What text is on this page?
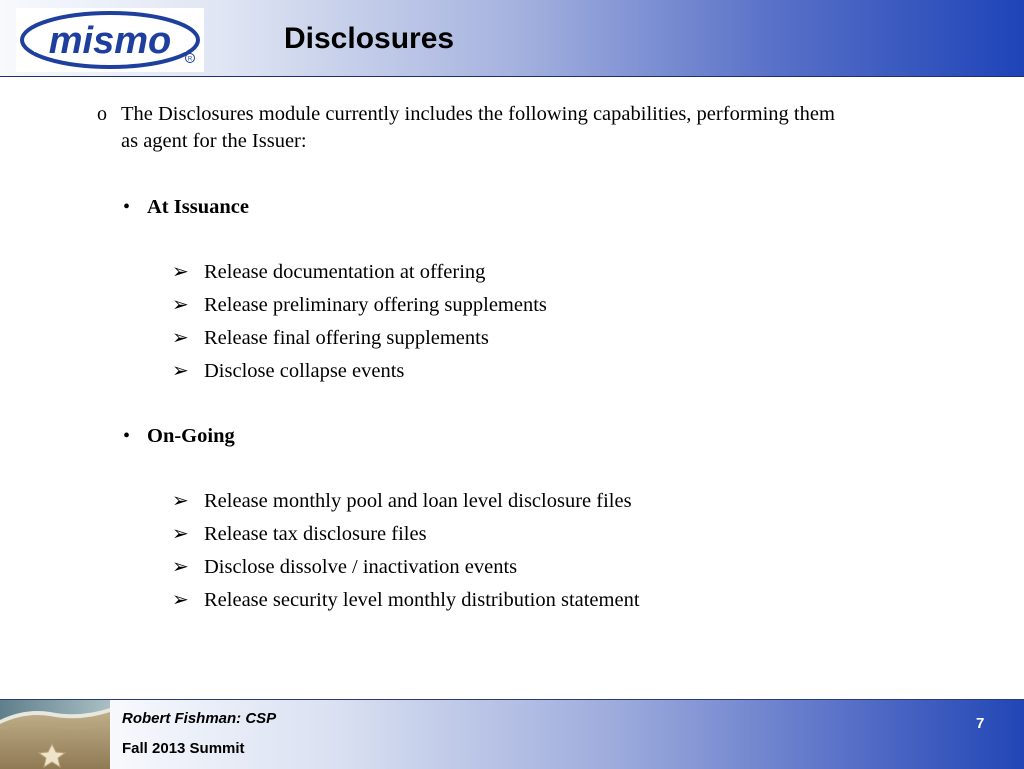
mismo	R
Disclosures
o The Disclosures module currently includes the following capabilities, performing them
as agent for the Issuer:
• At Issuance
➢ Release documentation at offering
➢ Release preliminary offering supplements
➢ Release final offering supplements
➢ Disclose collapse events
• On-Going
➢ Release monthly pool and loan level disclosure files
➢ Release tax disclosure files
➢ Disclose dissolve / inactivation events
➢ Release security level monthly distribution statement
Robert Fishman: CSP
Fall 2013 Summit
7
